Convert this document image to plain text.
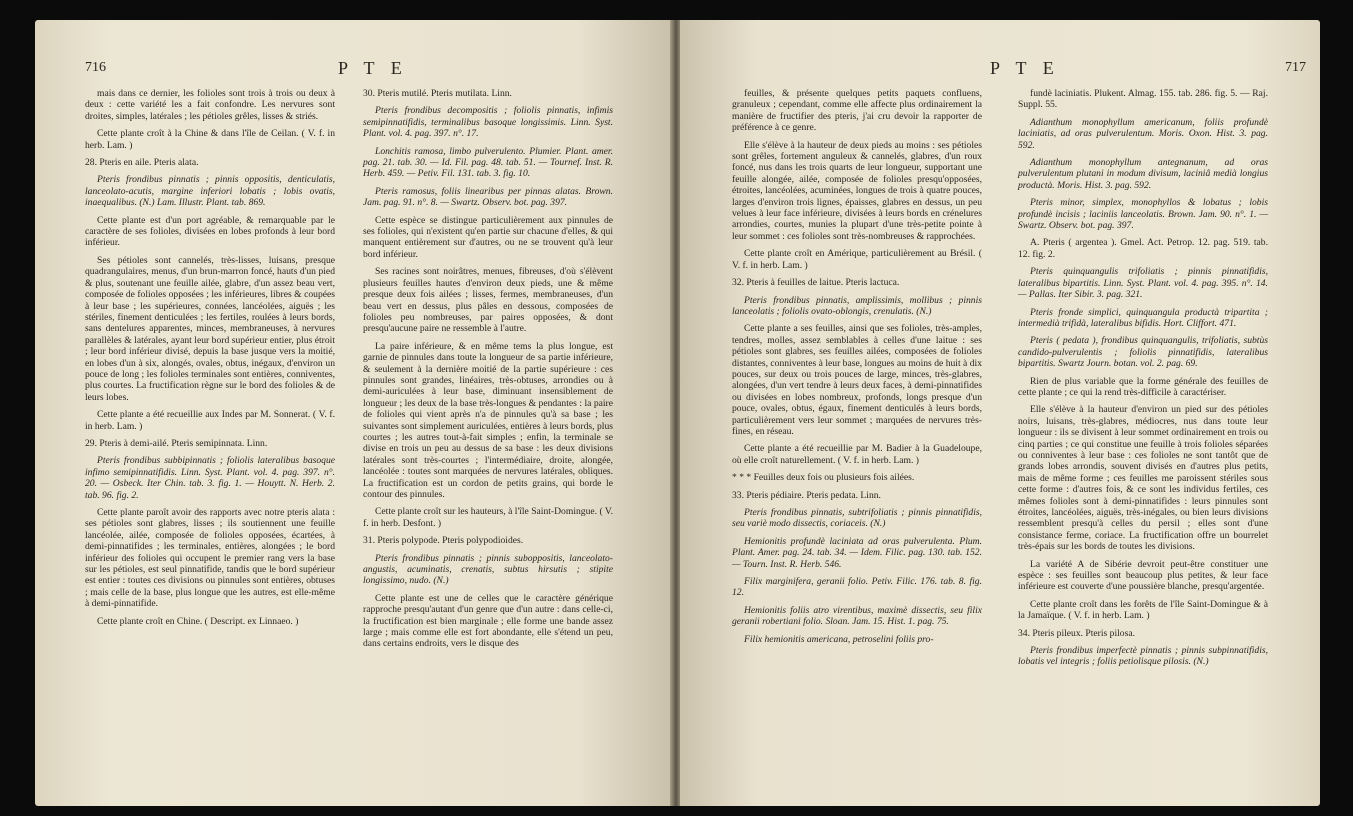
716	P T E

mais dans ce dernier, les folioles sont trois à trois ou deux à deux : cette variété les a fait confondre. Les nervures sont droites, simples, latérales ; les pétioles grêles, lisses & striés.

Cette plante croît à la Chine & dans l'île de Ceilan. ( V. f. in herb. Lam. )

28. Pteris en aile. Pteris alata.

Pteris frondibus pinnatis ; pinnis oppositis, denticulatis, lanceolato-acutis, margine inferiori lobatis ; lobis ovatis, inaequalibus. (N.) Lam. Illustr. Plant. tab. 869.

Cette plante est d'un port agréable, & remarquable par le caractère de ses folioles, divisées en lobes profonds à leur bord inférieur.

Ses pétioles sont cannelés, très-lisses, luisans, presque quadrangulaires, menus, d'un brun-marron foncé, hauts d'un pied & plus, soutenant une feuille ailée, glabre, d'un assez beau vert, composée de folioles opposées ; les inférieures, libres & coupées à leur base ; les supérieures, connées, lancéolées, aiguës ; les stériles, finement denticulées ; les fertiles, roulées à leurs bords, sans dentelures apparentes, minces, membraneuses, à nervures parallèles & latérales, ayant leur bord supérieur entier, plus étroit ; leur bord inférieur divisé, depuis la base jusque vers la moitié, en lobes d'un à six, alongés, ovales, obtus, inégaux, d'environ un pouce de long ; les folioles terminales sont entières, conniventes, plus courtes. La fructification règne sur le bord des folioles & de leurs lobes.

Cette plante a été recueillie aux Indes par M. Sonnerat. ( V. f. in herb. Lam. )

29. Pteris à demi-ailé. Pteris semipinnata. Linn.

Pteris frondibus subbipinnatis ; foliolis lateralibus basoque infimo semipinnatifidis. Linn. Syst. Plant. vol. 4. pag. 397. n°. 20. — Osbeck. Iter Chin. tab. 3. fig. 1. — Houytt. N. Herb. 2. tab. 96. fig. 2.

Cette plante paroît avoir des rapports avec notre pteris alata : ses pétioles sont glabres, lisses ; ils soutiennent une feuille lancéolée, ailée, composée de folioles opposées, écartées, à demi-pinnatifides ; les terminales, entières, alongées ; le bord inférieur des folioles qui occupent le premier rang vers la base sur les pétioles, est seul pinnatifide, tandis que le bord supérieur est entier : toutes ces divisions ou pinnules sont entières, obtuses ; mais celle de la base, plus longue que les autres, est elle-même à demi-pinnatifide.

Cette plante croît en Chine. ( Descript. ex Linnaeo. )

30. Pteris mutilé. Pteris mutilata. Linn.

Pteris frondibus decompositis ; foliolis pinnatis, infimis semipinnatifidis, terminalibus basoque longissimis. Linn. Syst. Plant. vol. 4. pag. 397. n°. 17.

Lonchitis ramosa, limbo pulverulento. Plumier. Plant. amer. pag. 21. tab. 30. — Id. Fil. pag. 48. tab. 51. — Tournef. Inst. R. Herb. 459. — Petiv. Fil. 131. tab. 3. fig. 10.

Pteris ramosus, foliis linearibus per pinnas alatas. Brown. Jam. pag. 91. n°. 8. — Swartz. Observ. bot. pag. 397.

Cette espèce se distingue particulièrement aux pinnules de ses folioles, qui n'existent qu'en partie sur chacune d'elles, & qui manquent entièrement sur d'autres, ou ne se trouvent qu'à leur bord inférieur.

Ses racines sont noirâtres, menues, fibreuses, d'où s'élèvent plusieurs feuilles hautes d'environ deux pieds, une & même presque deux fois ailées ; lisses, fermes, membraneuses, d'un beau vert en dessus, plus pâles en dessous, composées de folioles peu nombreuses, par paires opposées, & dont presqu'aucune paire ne ressemble à l'autre.

La paire inférieure, & en même tems la plus longue, est garnie de pinnules dans toute la longueur de sa partie inférieure, & seulement à la dernière moitié de la partie supérieure : ces pinnules sont grandes, linéaires, très-obtuses, arrondies ou à demi-auriculées à leur base, diminuant insensiblement de longueur ; les deux de la base très-longues & pendantes : la paire de folioles qui vient après n'a de pinnules qu'à sa base ; les suivantes sont simplement auriculées, entières à leurs bords, plus courtes ; les autres tout-à-fait simples ; enfin, la terminale se divise en trois un peu au dessus de sa base : les deux divisions latérales sont très-courtes ; l'intermédiaire, droite, alongée, lancéolée : toutes sont marquées de nervures latérales, obliques. La fructification est un cordon de petits grains, qui borde le contour des pinnules.

Cette plante croît sur les hauteurs, à l'île Saint-Domingue. ( V. f. in herb. Desfont. )

31. Pteris polypode. Pteris polypodioides.

Pteris frondibus pinnatis ; pinnis suboppositis, lanceolato-angustis, acuminatis, crenatis, subtus hirsutis ; stipite longissimo, nudo. (N.)

Cette plante est une de celles que le caractère générique rapproche presqu'autant d'un genre que d'un autre : dans celle-ci, la fructification est bien marginale ; elle forme une bande assez large ; mais comme elle est fort abondante, elle s'étend un peu, dans certains endroits, vers le disque des

P T E	717

feuilles, & présente quelques petits paquets confluens, granuleux ; cependant, comme elle affecte plus ordinairement la manière de fructifier des pteris, j'ai cru devoir la rapporter de préférence à ce genre.

Elle s'élève à la hauteur de deux pieds au moins : ses pétioles sont grêles, fortement anguleux & cannelés, glabres, d'un roux foncé, nus dans les trois quarts de leur longueur, supportant une feuille alongée, ailée, composée de folioles presqu'opposées, étroites, lancéolées, acuminées, longues de trois à quatre pouces, larges d'environ trois lignes, épaisses, glabres en dessus, un peu velues à leur face inférieure, divisées à leurs bords en crénelures arrondies, courtes, munies la plupart d'une très-petite pointe à leur sommet : ces folioles sont très-nombreuses & rapprochées.

Cette plante croît en Amérique, particulièrement au Brésil. ( V. f. in herb. Lam. )

32. Pteris à feuilles de laitue. Pteris lactuca.

Pteris frondibus pinnatis, amplissimis, mollibus ; pinnis lanceolatis ; foliolis ovato-oblongis, crenulatis. (N.)

Cette plante a ses feuilles, ainsi que ses folioles, très-amples, tendres, molles, assez semblables à celles d'une laitue : ses pétioles sont glabres, ses feuilles ailées, composées de folioles distantes, conniventes à leur base, longues au moins de huit à dix pouces, sur deux ou trois pouces de large, minces, très-glabres, alongées, d'un vert tendre à leurs deux faces, à demi-pinnatifides ou divisées en lobes nombreux, profonds, longs presque d'un pouce, ovales, obtus, égaux, finement denticulés à leurs bords, particulièrement vers leur sommet ; marquées de nervures très-fines, en réseau.

Cette plante a été recueillie par M. Badier à la Guadeloupe, où elle croît naturellement. ( V. f. in herb. Lam. )

* * * Feuilles deux fois ou plusieurs fois ailées.

33. Pteris pédiaire. Pteris pedata. Linn.

Pteris frondibus pinnatis, subtrifoliatis ; pinnis pinnatifidis, seu variè modo dissectis, coriaceis. (N.)

Hemionitis profundè laciniata ad oras pulverulenta. Plum. Plant. Amer. pag. 24. tab. 34. — Idem. Filic. pag. 130. tab. 152. — Tourn. Inst. R. Herb. 546.

Filix marginifera, geranii folio. Petiv. Filic. 176. tab. 8. fig. 12.

Hemionitis foliis atro virentibus, maximè dissectis, seu filix geranii robertiani folio. Sloan. Jam. 15. Hist. 1. pag. 75.

Filix hemionitis americana, petroselini foliis pro-

fundè laciniatis. Plukent. Almag. 155. tab. 286. fig. 5. — Raj. Suppl. 55.

Adianthum monophyllum americanum, foliis profundè laciniatis, ad oras pulverulentum. Moris. Oxon. Hist. 3. pag. 592.

Adianthum monophyllum antegnanum, ad oras pulverulentum plutani in modum divisum, laciniâ medià longius productà. Moris. Hist. 3. pag. 592.

Pteris minor, simplex, monophyllos & lobatus ; lobis profundè incisis ; laciniis lanceolatis. Brown. Jam. 90. n°. 1. — Swartz. Observ. bot. pag. 397.

A. Pteris ( argentea ). Gmel. Act. Petrop. 12. pag. 519. tab. 12. fig. 2.

Pteris quinquangulis trifoliatis ; pinnis pinnatifidis, lateralibus bipartitis. Linn. Syst. Plant. vol. 4. pag. 395. n°. 14. — Pallas. Iter Sibir. 3. pag. 321.

Pteris fronde simplici, quinquangula productà tripartita ; intermedià trifidà, lateralibus bifidis. Hort. Cliffort. 471.

Pteris ( pedata ), frondibus quinquangulis, trifoliatis, subtùs candido-pulverulentis ; foliolis pinnatifidis, lateralibus bipartitis. Swartz Journ. botan. vol. 2. pag. 69.

Rien de plus variable que la forme générale des feuilles de cette plante ; ce qui la rend très-difficile à caractériser.

Elle s'élève à la hauteur d'environ un pied sur des pétioles noirs, luisans, très-glabres, médiocres, nus dans toute leur longueur : ils se divisent à leur sommet ordinairement en trois ou cinq parties ; ce qui constitue une feuille à trois folioles séparées ou conniventes à leur base : ces folioles ne sont tantôt que de grands lobes arrondis, souvent divisés en d'autres plus petits, mais de même forme ; ces feuilles me paroissent stériles sous cette forme : d'autres fois, & ce sont les individus fertiles, ces mêmes folioles sont à demi-pinnatifides : leurs pinnules sont étroites, lancéolées, aiguës, très-inégales, ou bien leurs divisions ressemblent presqu'à celles du persil ; elles sont d'une consistance ferme, coriace. La fructification offre un bourrelet très-épais sur les bords de toutes les divisions.

La variété A de Sibérie devroit peut-être constituer une espèce : ses feuilles sont beaucoup plus petites, & leur face inférieure est couverte d'une poussière blanche, presqu'argentée.

Cette plante croît dans les forêts de l'île Saint-Domingue & à la Jamaïque. ( V. f. in herb. Lam. )

34. Pteris pileux. Pteris pilosa.

Pteris frondibus imperfectè pinnatis ; pinnis subpinnatifidis, lobatis vel integris ; foliis petiolisque pilosis. (N.)
